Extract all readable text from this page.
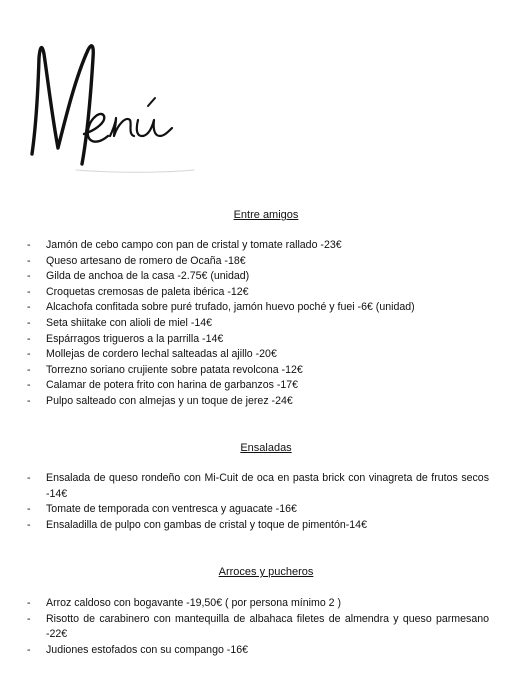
Entre amigos
- Jamón de cebo campo con pan de cristal y tomate rallado -23€
- Queso artesano de romero de Ocaña -18€
- Gilda de anchoa de la casa -2.75€ (unidad)
- Croquetas cremosas de paleta ibérica -12€
- Alcachofa confitada sobre puré trufado, jamón huevo poché y fuei -6€ (unidad)
- Seta shiitake con alioli de miel -14€
- Espárragos trigueros a la parrilla -14€
- Mollejas de cordero lechal salteadas al ajillo -20€
- Torrezno soriano crujiente sobre patata revolcona -12€
- Calamar de potera frito con harina de garbanzos -17€
- Pulpo salteado con almejas y un toque de jerez -24€
Ensaladas
- Ensalada de queso rondeño con Mi-Cuit de oca en pasta brick con vinagreta de frutos secos -14€
- Tomate de temporada con ventresca y aguacate -16€
- Ensaladilla de pulpo con gambas de cristal y toque de pimentón-14€
Arroces y pucheros
- Arroz caldoso con bogavante -19,50€ ( por persona mínimo 2 )
- Risotto de carabinero con mantequilla de albahaca filetes de almendra y queso parmesano -22€
- Judiones estofados con su compango -16€
